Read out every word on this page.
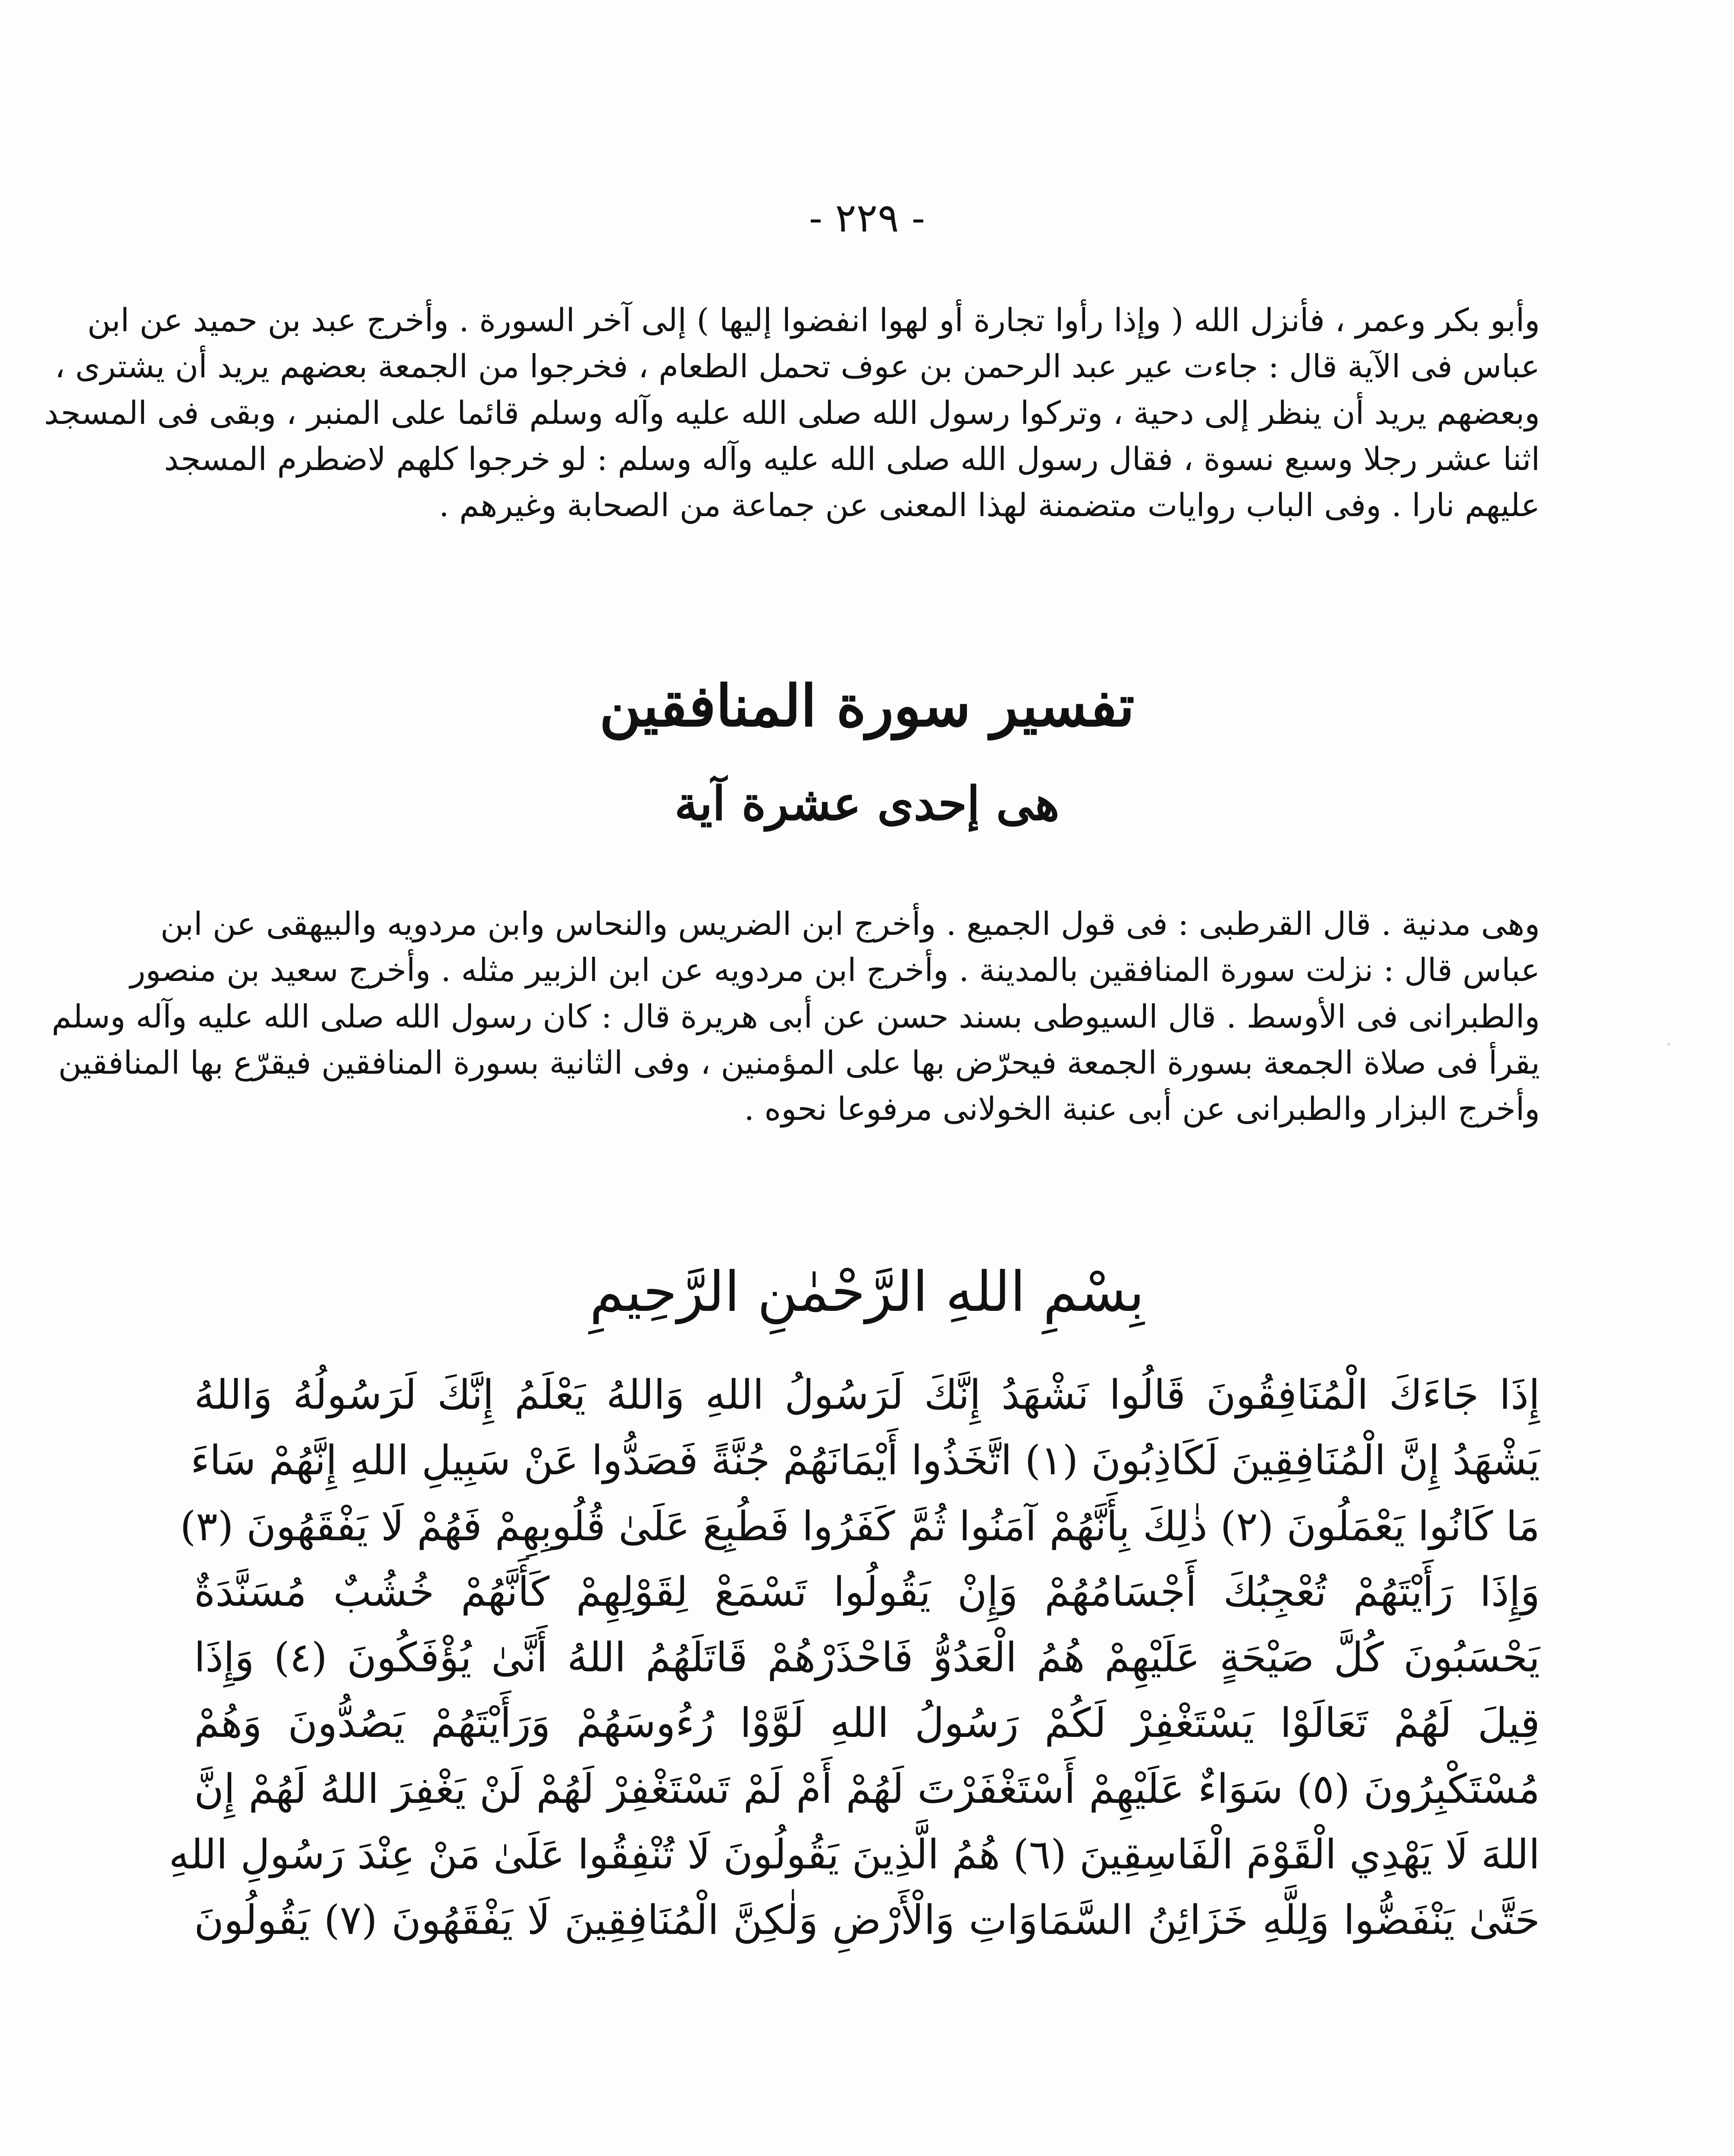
- ٢٢٩ -
وأبو بكر وعمر ، فأنزل الله ( وإذا رأوا تجارة أو لهوا انفضوا إليها ) إلى آخر السورة . وأخرج عبد بن حميد عن ابن
عباس فى الآية قال : جاءت عير عبد الرحمن بن عوف تحمل الطعام ، فخرجوا من الجمعة بعضهم يريد أن يشترى ،
وبعضهم يريد أن ينظر إلى دحية ، وتركوا رسول الله صلى الله عليه وآله وسلم قائما على المنبر ، وبقى فى المسجد
اثنا عشر رجلا وسبع نسوة ، فقال رسول الله صلى الله عليه وآله وسلم : لو خرجوا كلهم لاضطرم المسجد
عليهم نارا . وفى الباب روايات متضمنة لهذا المعنى عن جماعة من الصحابة وغيرهم .
تفسير سورة المنافقين
هى إحدى عشرة آية
وهى مدنية . قال القرطبى : فى قول الجميع . وأخرج ابن الضريس والنحاس وابن مردويه والبيهقى عن ابن
عباس قال : نزلت سورة المنافقين بالمدينة . وأخرج ابن مردويه عن ابن الزبير مثله . وأخرج سعيد بن منصور
والطبرانى فى الأوسط . قال السيوطى بسند حسن عن أبى هريرة قال : كان رسول الله صلى الله عليه وآله وسلم
يقرأ فى صلاة الجمعة بسورة الجمعة فيحرّض بها على المؤمنين ، وفى الثانية بسورة المنافقين فيقرّع بها المنافقين
وأخرج البزار والطبرانى عن أبى عنبة الخولانى مرفوعا نحوه .
بِسْمِ اللهِ الرَّحْمٰنِ الرَّحِيمِ
إِذَا جَاءَكَ الْمُنَافِقُونَ قَالُوا نَشْهَدُ إِنَّكَ لَرَسُولُ اللهِ وَاللهُ يَعْلَمُ إِنَّكَ لَرَسُولُهُ وَاللهُ
يَشْهَدُ إِنَّ الْمُنَافِقِينَ لَكَاذِبُونَ (١) اتَّخَذُوا أَيْمَانَهُمْ جُنَّةً فَصَدُّوا عَنْ سَبِيلِ اللهِ إِنَّهُمْ سَاءَ
مَا كَانُوا يَعْمَلُونَ (٢) ذٰلِكَ بِأَنَّهُمْ آمَنُوا ثُمَّ كَفَرُوا فَطُبِعَ عَلَىٰ قُلُوبِهِمْ فَهُمْ لَا يَفْقَهُونَ (٣)
وَإِذَا رَأَيْتَهُمْ تُعْجِبُكَ أَجْسَامُهُمْ وَإِنْ يَقُولُوا تَسْمَعْ لِقَوْلِهِمْ كَأَنَّهُمْ خُشُبٌ مُسَنَّدَةٌ
يَحْسَبُونَ كُلَّ صَيْحَةٍ عَلَيْهِمْ هُمُ الْعَدُوُّ فَاحْذَرْهُمْ قَاتَلَهُمُ اللهُ أَنَّىٰ يُؤْفَكُونَ (٤) وَإِذَا
قِيلَ لَهُمْ تَعَالَوْا يَسْتَغْفِرْ لَكُمْ رَسُولُ اللهِ لَوَّوْا رُءُوسَهُمْ وَرَأَيْتَهُمْ يَصُدُّونَ وَهُمْ
مُسْتَكْبِرُونَ (٥) سَوَاءٌ عَلَيْهِمْ أَسْتَغْفَرْتَ لَهُمْ أَمْ لَمْ تَسْتَغْفِرْ لَهُمْ لَنْ يَغْفِرَ اللهُ لَهُمْ إِنَّ
اللهَ لَا يَهْدِي الْقَوْمَ الْفَاسِقِينَ (٦) هُمُ الَّذِينَ يَقُولُونَ لَا تُنْفِقُوا عَلَىٰ مَنْ عِنْدَ رَسُولِ اللهِ
حَتَّىٰ يَنْفَضُّوا وَلِلَّهِ خَزَائِنُ السَّمَاوَاتِ وَالْأَرْضِ وَلٰكِنَّ الْمُنَافِقِينَ لَا يَفْقَهُونَ (٧) يَقُولُونَ
